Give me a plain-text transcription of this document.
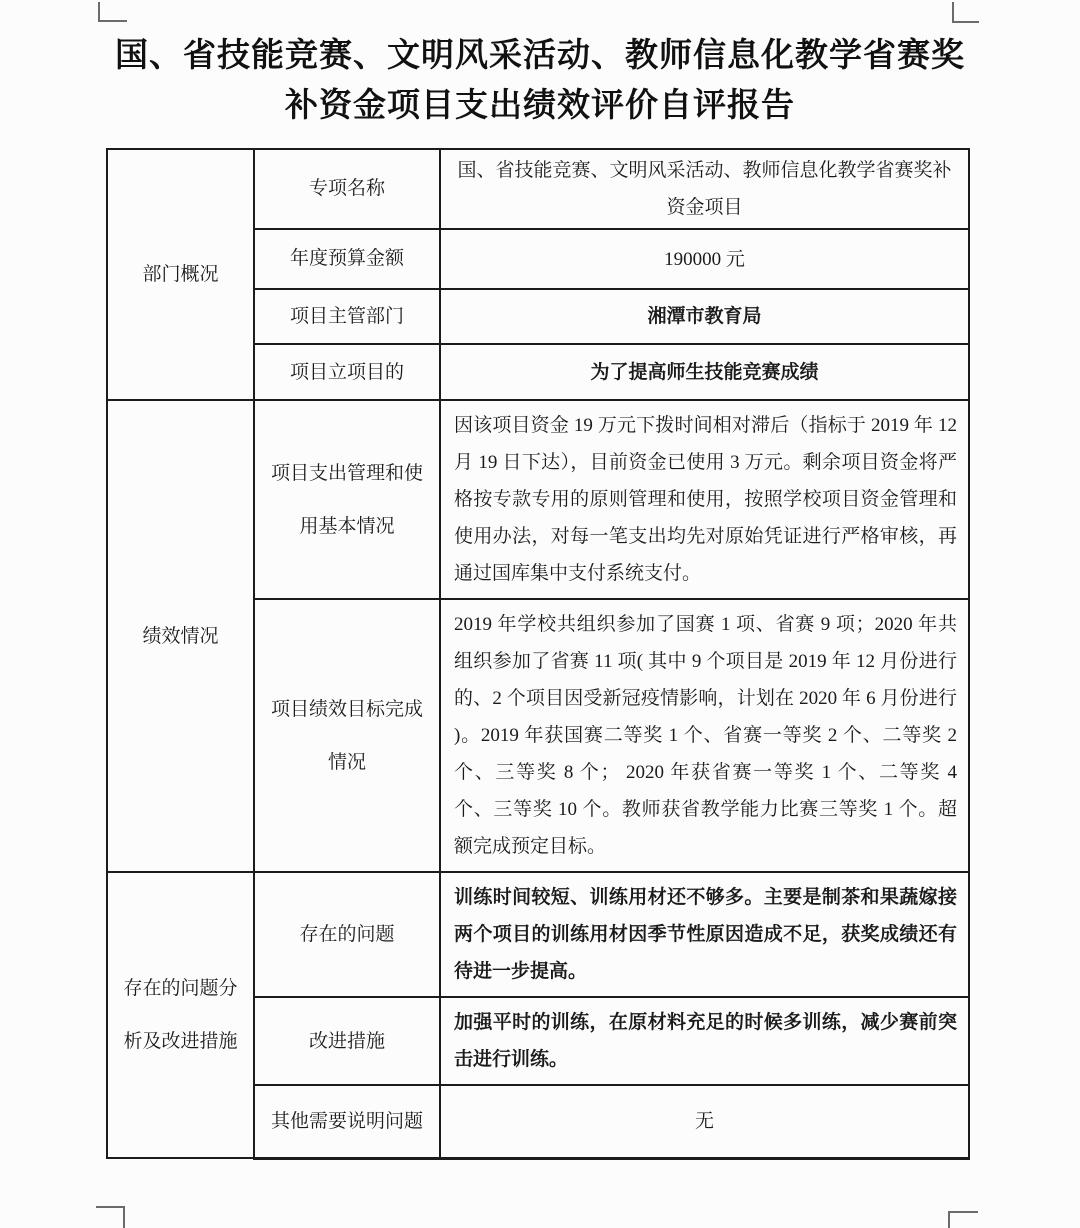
国、省技能竞赛、文明风采活动、教师信息化教学省赛奖
补资金项目支出绩效评价自评报告
部门概况	专项名称	国、省技能竞赛、文明风采活动、教师信息化教学省赛奖补资金项目
	年度预算金额	190000 元
	项目主管部门	湘潭市教育局
	项目立项目的	为了提高师生技能竞赛成绩
绩效情况	项目支出管理和使用基本情况	因该项目资金 19 万元下拨时间相对滞后（指标于 2019 年 12 月 19 日下达），目前资金已使用 3 万元。剩余项目资金将严格按专款专用的原则管理和使用，按照学校项目资金管理和使用办法，对每一笔支出均先对原始凭证进行严格审核，再通过国库集中支付系统支付。
	项目绩效目标完成情况	2019 年学校共组织参加了国赛 1 项、省赛 9 项；2020 年共组织参加了省赛 11 项( 其中 9 个项目是 2019 年 12 月份进行的、2 个项目因受新冠疫情影响，计划在 2020 年 6 月份进行 )。2019 年获国赛二等奖 1 个、省赛一等奖 2 个、二等奖 2 个、三等奖 8 个； 2020 年获省赛一等奖 1 个、二等奖 4 个、三等奖 10 个。教师获省教学能力比赛三等奖 1 个。超额完成预定目标。
存在的问题分析及改进措施	存在的问题	训练时间较短、训练用材还不够多。主要是制茶和果蔬嫁接两个项目的训练用材因季节性原因造成不足，获奖成绩还有待进一步提高。
	改进措施	加强平时的训练，在原材料充足的时候多训练，减少赛前突击进行训练。
	其他需要说明问题	无
